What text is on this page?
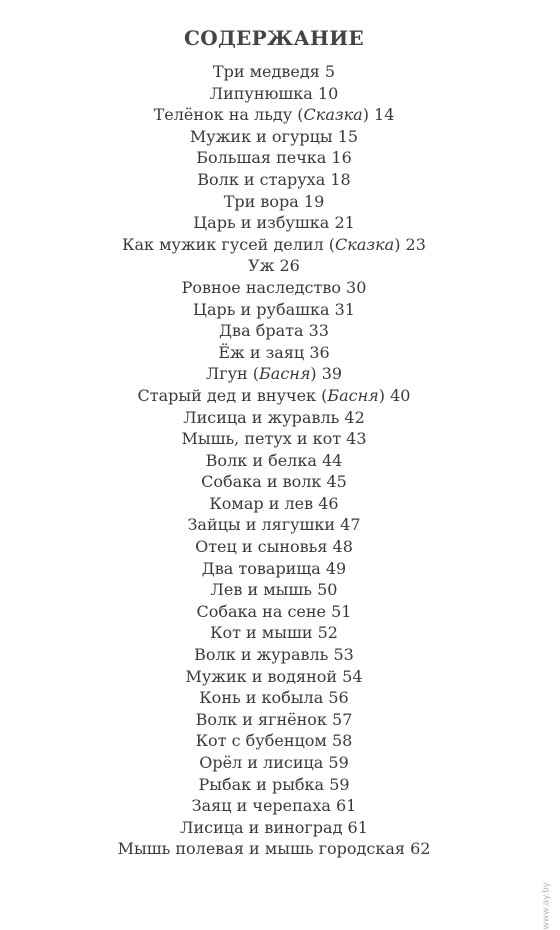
СОДЕРЖАНИЕ
Три медведя 5
Липунюшка 10
Телёнок на льду (Сказка) 14
Мужик и огурцы 15
Большая печка 16
Волк и старуха 18
Три вора 19
Царь и избушка 21
Как мужик гусей делил (Сказка) 23
Уж 26
Ровное наследство 30
Царь и рубашка 31
Два брата 33
Ёж и заяц 36
Лгун (Басня) 39
Старый дед и внучек (Басня) 40
Лисица и журавль 42
Мышь, петух и кот 43
Волк и белка 44
Собака и волк 45
Комар и лев 46
Зайцы и лягушки 47
Отец и сыновья 48
Два товарища 49
Лев и мышь 50
Собака на сене 51
Кот и мыши 52
Волк и журавль 53
Мужик и водяной 54
Конь и кобыла 56
Волк и ягнёнок 57
Кот с бубенцом 58
Орёл и лисица 59
Рыбак и рыбка 59
Заяц и черепаха 61
Лисица и виноград 61
Мышь полевая и мышь городская 62
www.ay.by
